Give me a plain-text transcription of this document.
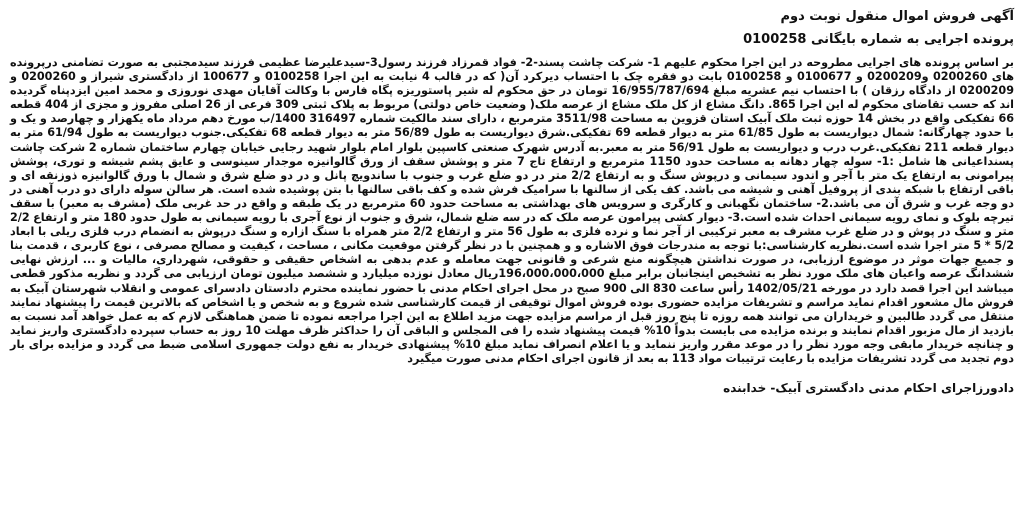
آگهی فروش اموال منقول نوبت دوم
پرونده اجرایی به شماره بایگانی 0100258

بر اساس پرونده های اجرایی مطروحه در این اجرا محکوم علیهم 1- شرکت چاشت پسند-2- فواد قمرزاد فرزند رسول3-سیدعلیرضا عظیمی فرزند سیدمجتبی به صورت تضامنی درپرونده های 0200260 و0200209 و 0100677 و 0100258 بابت دو فقره چک با احتساب دیرکرد آن( که در قالب 4 نیابت به این اجرا 0100258 و 100677 از دادگستری شیراز و 0200260 و 0200209 از دادگاه رزقان ) با احتساب نیم عشریه مبلغ 16/955/787/694 تومان در حق محکوم له شیر پاستوریزه پگاه فارس با وکالت آقایان مهدی نوروزی و محمد امین ایزدپناه گردیده اند که حسب تقاضای محکوم له این اجرا 865. دانگ مشاع از کل ملک مشاع از عرصه ملک( وضعیت خاص دولتی) مربوط به پلاک ثبتی 309 فرعی از 26 اصلی مفروز و مجزی از 404 قطعه 66 تفکیکی واقع در بخش 14 حوزه ثبت ملک آبیک استان قزوین به مساحت 3511/98 مترمربع ، دارای سند مالکیت شماره 316497 1400/ب مورخ دهم مرداد ماه یکهزار و چهارصد و یک و با حدود چهارگانه: شمال دیواریست به طول 61/85 متر به دیوار قطعه 69 تفکیکی.شرق دیواریست به طول 56/89 متر به دیوار قطعه 68 تفکیکی.جنوب دیواریست به طول 61/94 متر به دیوار قطعه 211 تفکیکی.غرب درب و دیواریست به طول 56/91 متر به معبر.به آدرس شهرک صنعتی کاسپین بلوار امام بلوار شهید رجایی خیابان چهارم ساختمان شماره 2 شرکت چاشت پسنداعیانی ها شامل :1- سوله چهار دهانه به مساحت حدود 1150 مترمربع و ارتفاع تاج 7 متر و پوشش سقف از ورق گالوانیزه موجدار سینوسی و عایق پشم شیشه و توری، پوشش پیرامونی به ارتفاع یک متر با آجر و اندود سیمانی و درپوش سنگ و به ارتفاع 2/2 متر در دو ضلع غرب و جنوب با ساندویچ پانل و در دو ضلع شرق و شمال با ورق گالوانیزه ذوزنقه ای و باقی ارتفاع با شبکه بندی از پروفیل آهنی و شیشه می باشد. کف یکی از سالنها با سرامیک فرش شده و کف باقی سالنها با بتن پوشیده شده است. هر سالن سوله دارای دو درب آهنی در دو وجه غرب و شرق آن می باشد.2- ساختمان نگهبانی و کارگری و سرویس های بهداشتی به مساحت حدود 60 مترمربع در یک طبقه و واقع در حد غربی ملک (مشرف به معبر) با سقف تیرچه بلوک و نمای رویه سیمانی احداث شده است.3- دیوار کشی پیرامون عرصه ملک که در سه ضلع شمال، شرق و جنوب از نوع آجری با رویه سیمانی به طول حدود 180 متر و ارتفاع 2/2 متر و سنگ در پوش و در ضلع غرب مشرف به معبر ترکیبی از آجر نما و نرده فلزی به طول 56 متر و ارتفاع 2/2 متر همراه با سنگ ازاره و سنگ درپوش به انضمام درب فلزی ریلی با ابعاد 5/2 * 5 متر اجرا شده است.نظریه کارشناسی:با توجه به مندرجات فوق الاشاره و و همچنین با در نظر گرفتن موقعیت مکانی ، مساحت ، کیفیت و مصالح مصرفی ، نوع کاربری ، قدمت بنا و جمیع جهات موثر در موضوع ارزیابی، در صورت نداشتن هیچگونه منع شرعی و قانونی جهت معامله و عدم بدهی به اشخاص حقیقی و حقوقی، شهرداری، مالیات و ... ارزش نهایی ششدانگ عرصه واعیان های ملک مورد نظر به تشخیص اینجانبان برابر مبلغ 196،000،000،000ریال معادل نوزده میلیارد و ششصد میلیون تومان ارزیابی می گردد و نظریه مذکور قطعی میباشد این اجرا قصد دارد در مورخه 1402/05/21 رأس ساعت 830 الی 900 صبح در محل اجرای احکام مدنی با حضور نماینده محترم دادستان دادسرای عمومی و انقلاب شهرستان آبیک به فروش مال مشعور اقدام نماید مراسم و تشریفات مزایده حضوری بوده فروش اموال توقیفی از قیمت کارشناسی شده شروع و به شخص و یا اشخاص که بالاترین قیمت را پیشنهاد نمایند منتقل می گردد طالبین و خریداران می توانند همه روزه تا پنج روز قبل از مراسم مزایده جهت مزید اطلاع به این اجرا مراجعه نموده تا ضمن هماهنگی لازم که به عمل خواهد آمد نسبت به بازدید از مال مزبور اقدام نمایند و برنده مزایده می بایست بدواً 10% قیمت پیشنهاد شده را فی المجلس و الباقی آن را حداکثر ظرف مهلت 10 روز به حساب سپرده دادگستری واریز نماید و چنانچه خریدار مابقی وجه مورد نظر را در موعد مقرر واریز ننماید و یا اعلام انصراف نماید مبلغ 10% پیشنهادی خریدار به نفع دولت جمهوری اسلامی ضبط می گردد و مزایده برای بار دوم تجدید می گردد تشریفات مزایده با رعایت ترتیبات مواد 113 به بعد از قانون اجرای احکام مدنی صورت میگیرد

دادورزاجرای احکام مدنی دادگستری آبیک- خدابنده
